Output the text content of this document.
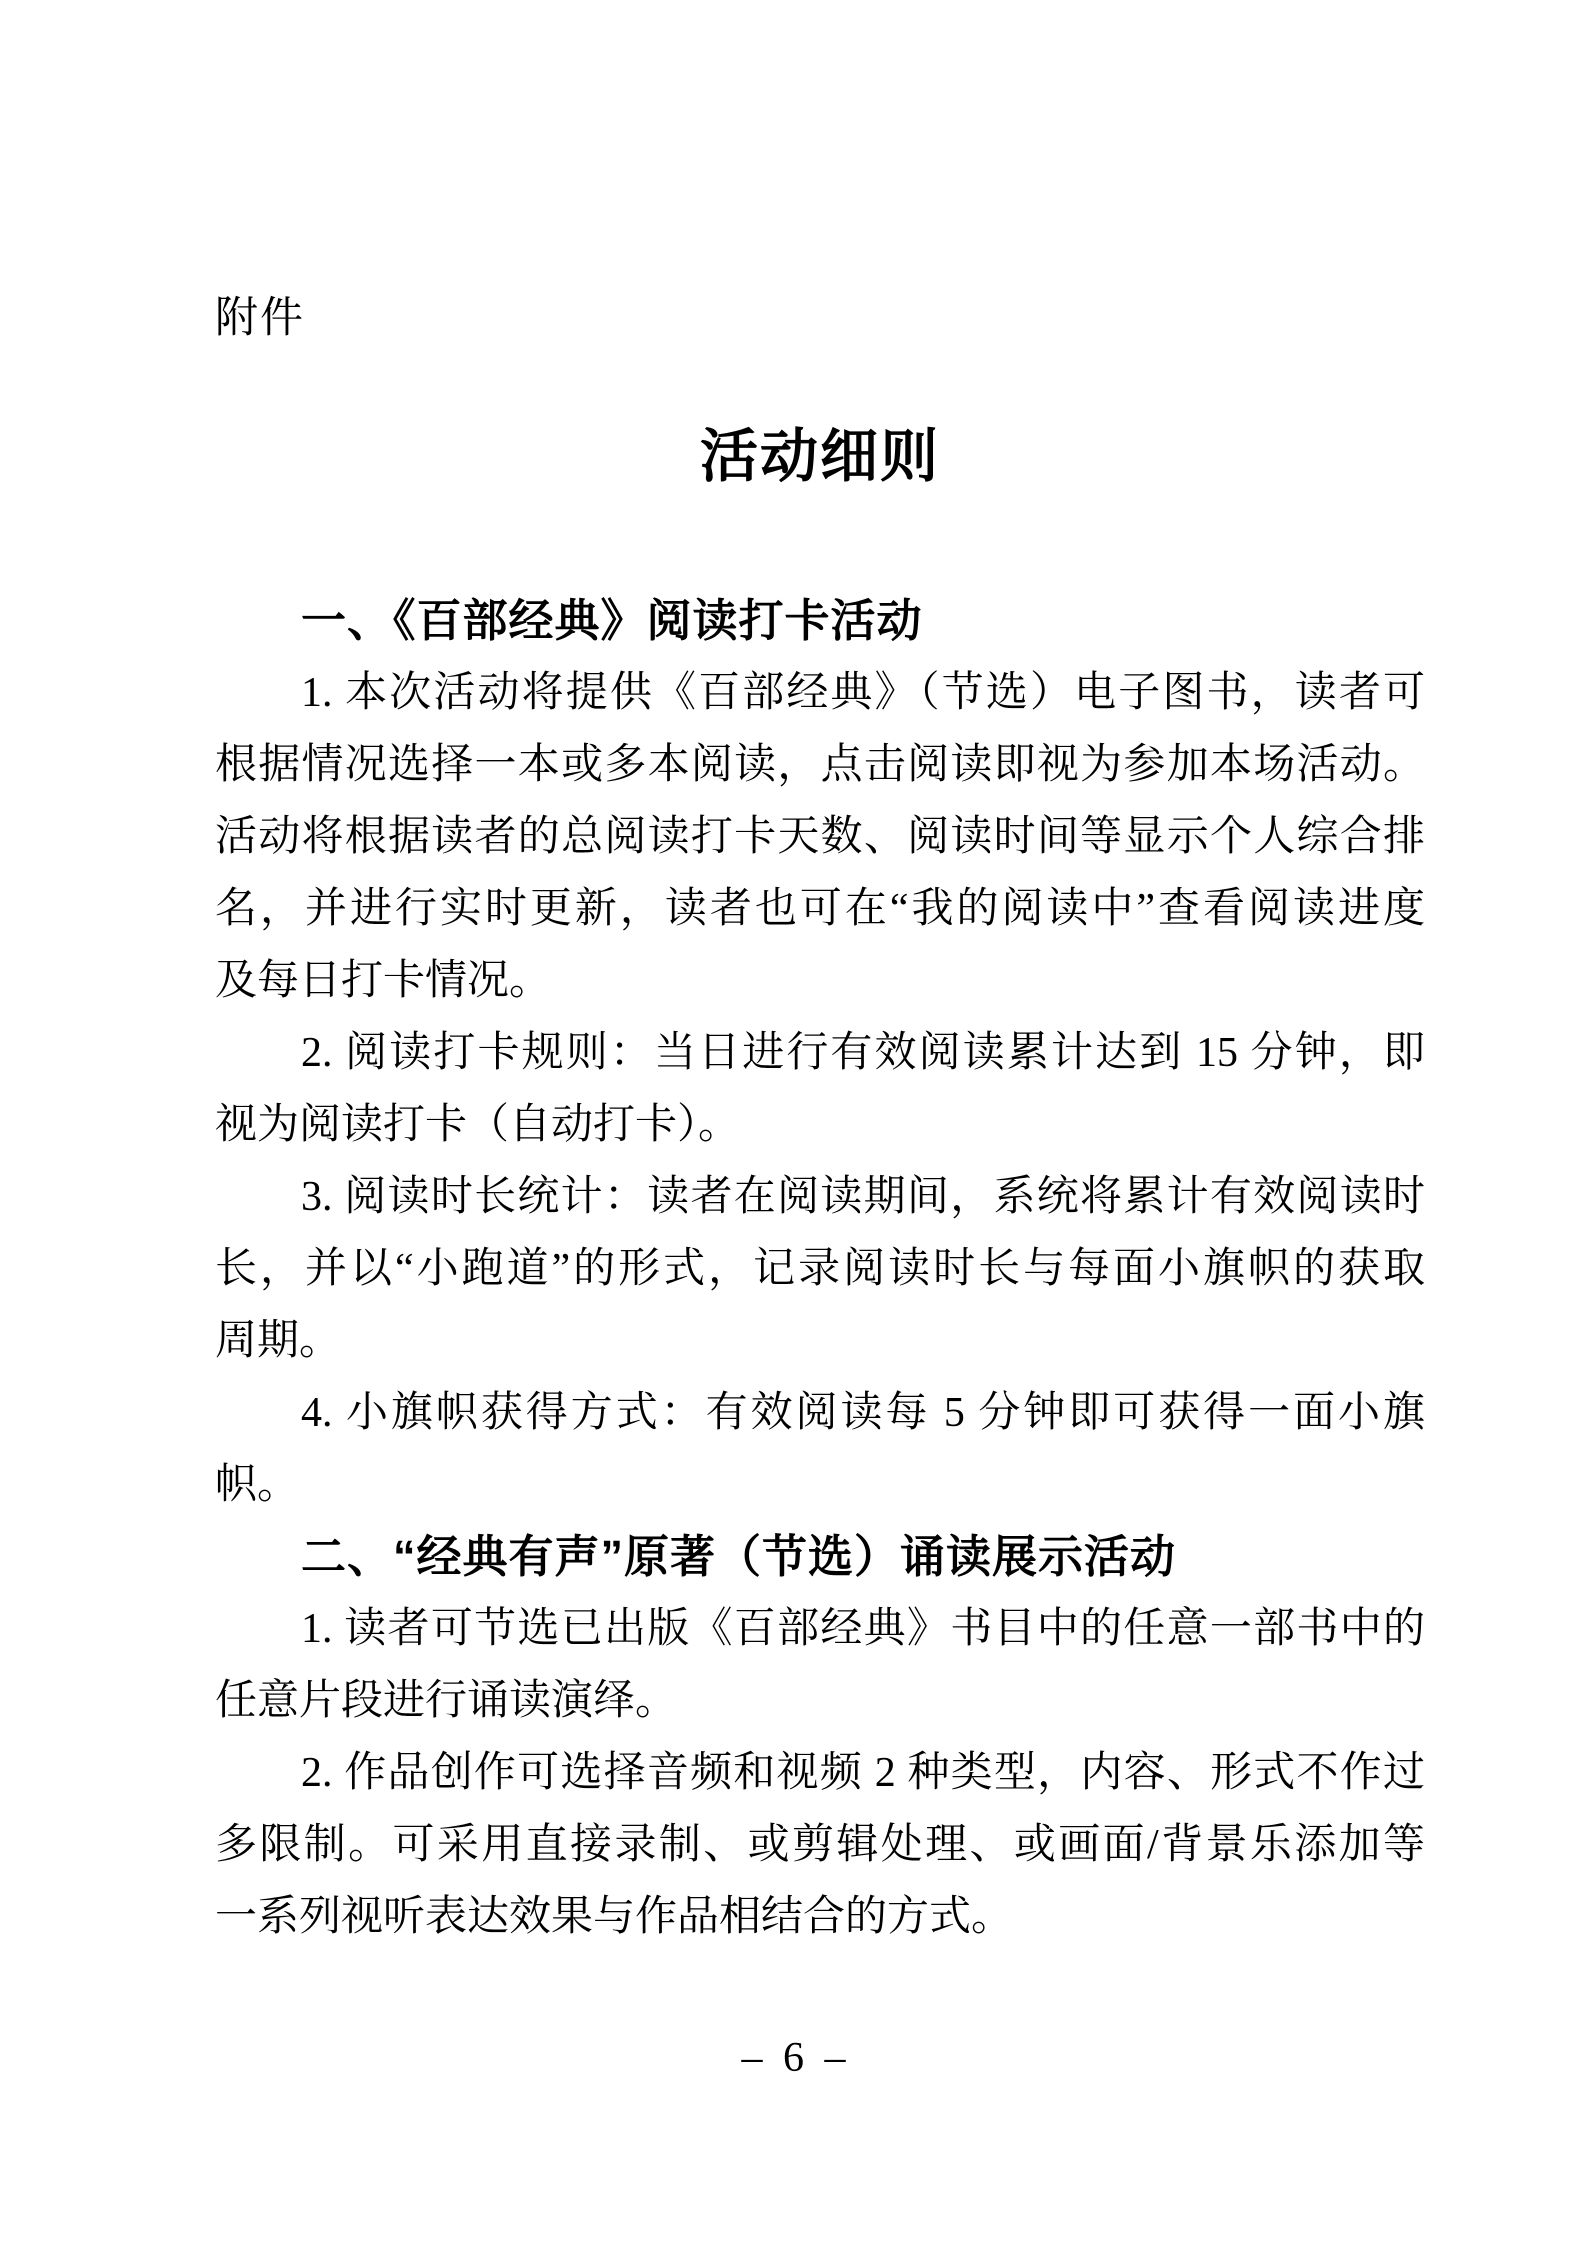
附件
活动细则
一、《百部经典》阅读打卡活动
1. 本次活动将提供《百部经典》（节选）电子图书，读者可
根据情况选择一本或多本阅读，点击阅读即视为参加本场活动。
活动将根据读者的总阅读打卡天数、阅读时间等显示个人综合排
名，并进行实时更新，读者也可在“我的阅读中”查看阅读进度
及每日打卡情况。
2. 阅读打卡规则：当日进行有效阅读累计达到 15 分钟，即
视为阅读打卡（自动打卡）。
3. 阅读时长统计：读者在阅读期间，系统将累计有效阅读时
长，并以“小跑道”的形式，记录阅读时长与每面小旗帜的获取
周期。
4. 小旗帜获得方式：有效阅读每 5 分钟即可获得一面小旗
帜。
二、“经典有声”原著（节选）诵读展示活动
1. 读者可节选已出版《百部经典》书目中的任意一部书中的
任意片段进行诵读演绎。
2. 作品创作可选择音频和视频 2 种类型，内容、形式不作过
多限制。可采用直接录制、或剪辑处理、或画面/背景乐添加等
一系列视听表达效果与作品相结合的方式。
– 6 –
